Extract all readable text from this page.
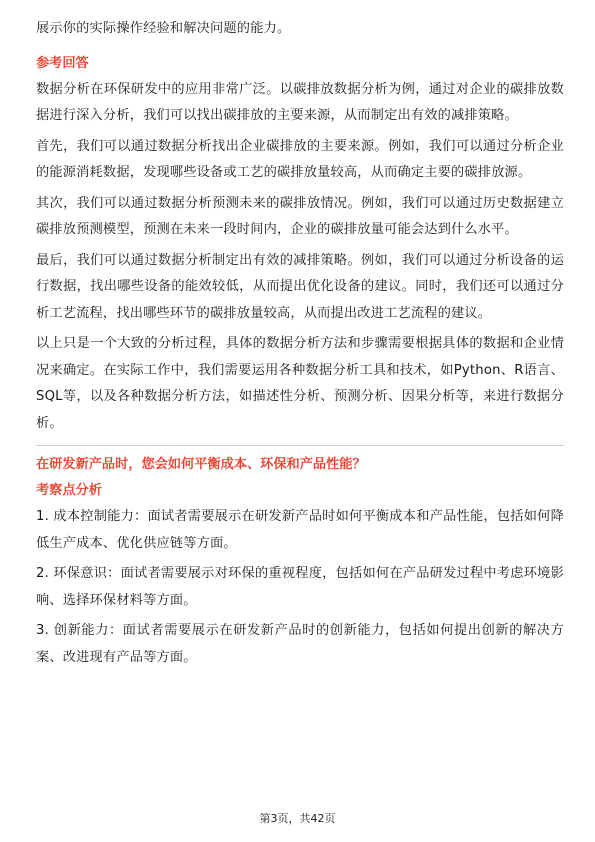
展示你的实际操作经验和解决问题的能力。

参考回答

数据分析在环保研发中的应用非常广泛。以碳排放数据分析为例，通过对企业的碳排放数据进行深入分析，我们可以找出碳排放的主要来源，从而制定出有效的减排策略。

首先，我们可以通过数据分析找出企业碳排放的主要来源。例如，我们可以通过分析企业的能源消耗数据，发现哪些设备或工艺的碳排放量较高，从而确定主要的碳排放源。

其次，我们可以通过数据分析预测未来的碳排放情况。例如，我们可以通过历史数据建立碳排放预测模型，预测在未来一段时间内，企业的碳排放量可能会达到什么水平。

最后，我们可以通过数据分析制定出有效的减排策略。例如，我们可以通过分析设备的运行数据，找出哪些设备的能效较低，从而提出优化设备的建议。同时，我们还可以通过分析工艺流程，找出哪些环节的碳排放量较高，从而提出改进工艺流程的建议。

以上只是一个大致的分析过程，具体的数据分析方法和步骤需要根据具体的数据和企业情况来确定。在实际工作中，我们需要运用各种数据分析工具和技术，如Python、R语言、SQL等，以及各种数据分析方法，如描述性分析、预测分析、因果分析等，来进行数据分析。

在研发新产品时，您会如何平衡成本、环保和产品性能？
考察点分析

1. 成本控制能力：面试者需要展示在研发新产品时如何平衡成本和产品性能，包括如何降低生产成本、优化供应链等方面。

2. 环保意识：面试者需要展示对环保的重视程度，包括如何在产品研发过程中考虑环境影响、选择环保材料等方面。

3. 创新能力：面试者需要展示在研发新产品时的创新能力，包括如何提出创新的解决方案、改进现有产品等方面。

第3页，共42页
